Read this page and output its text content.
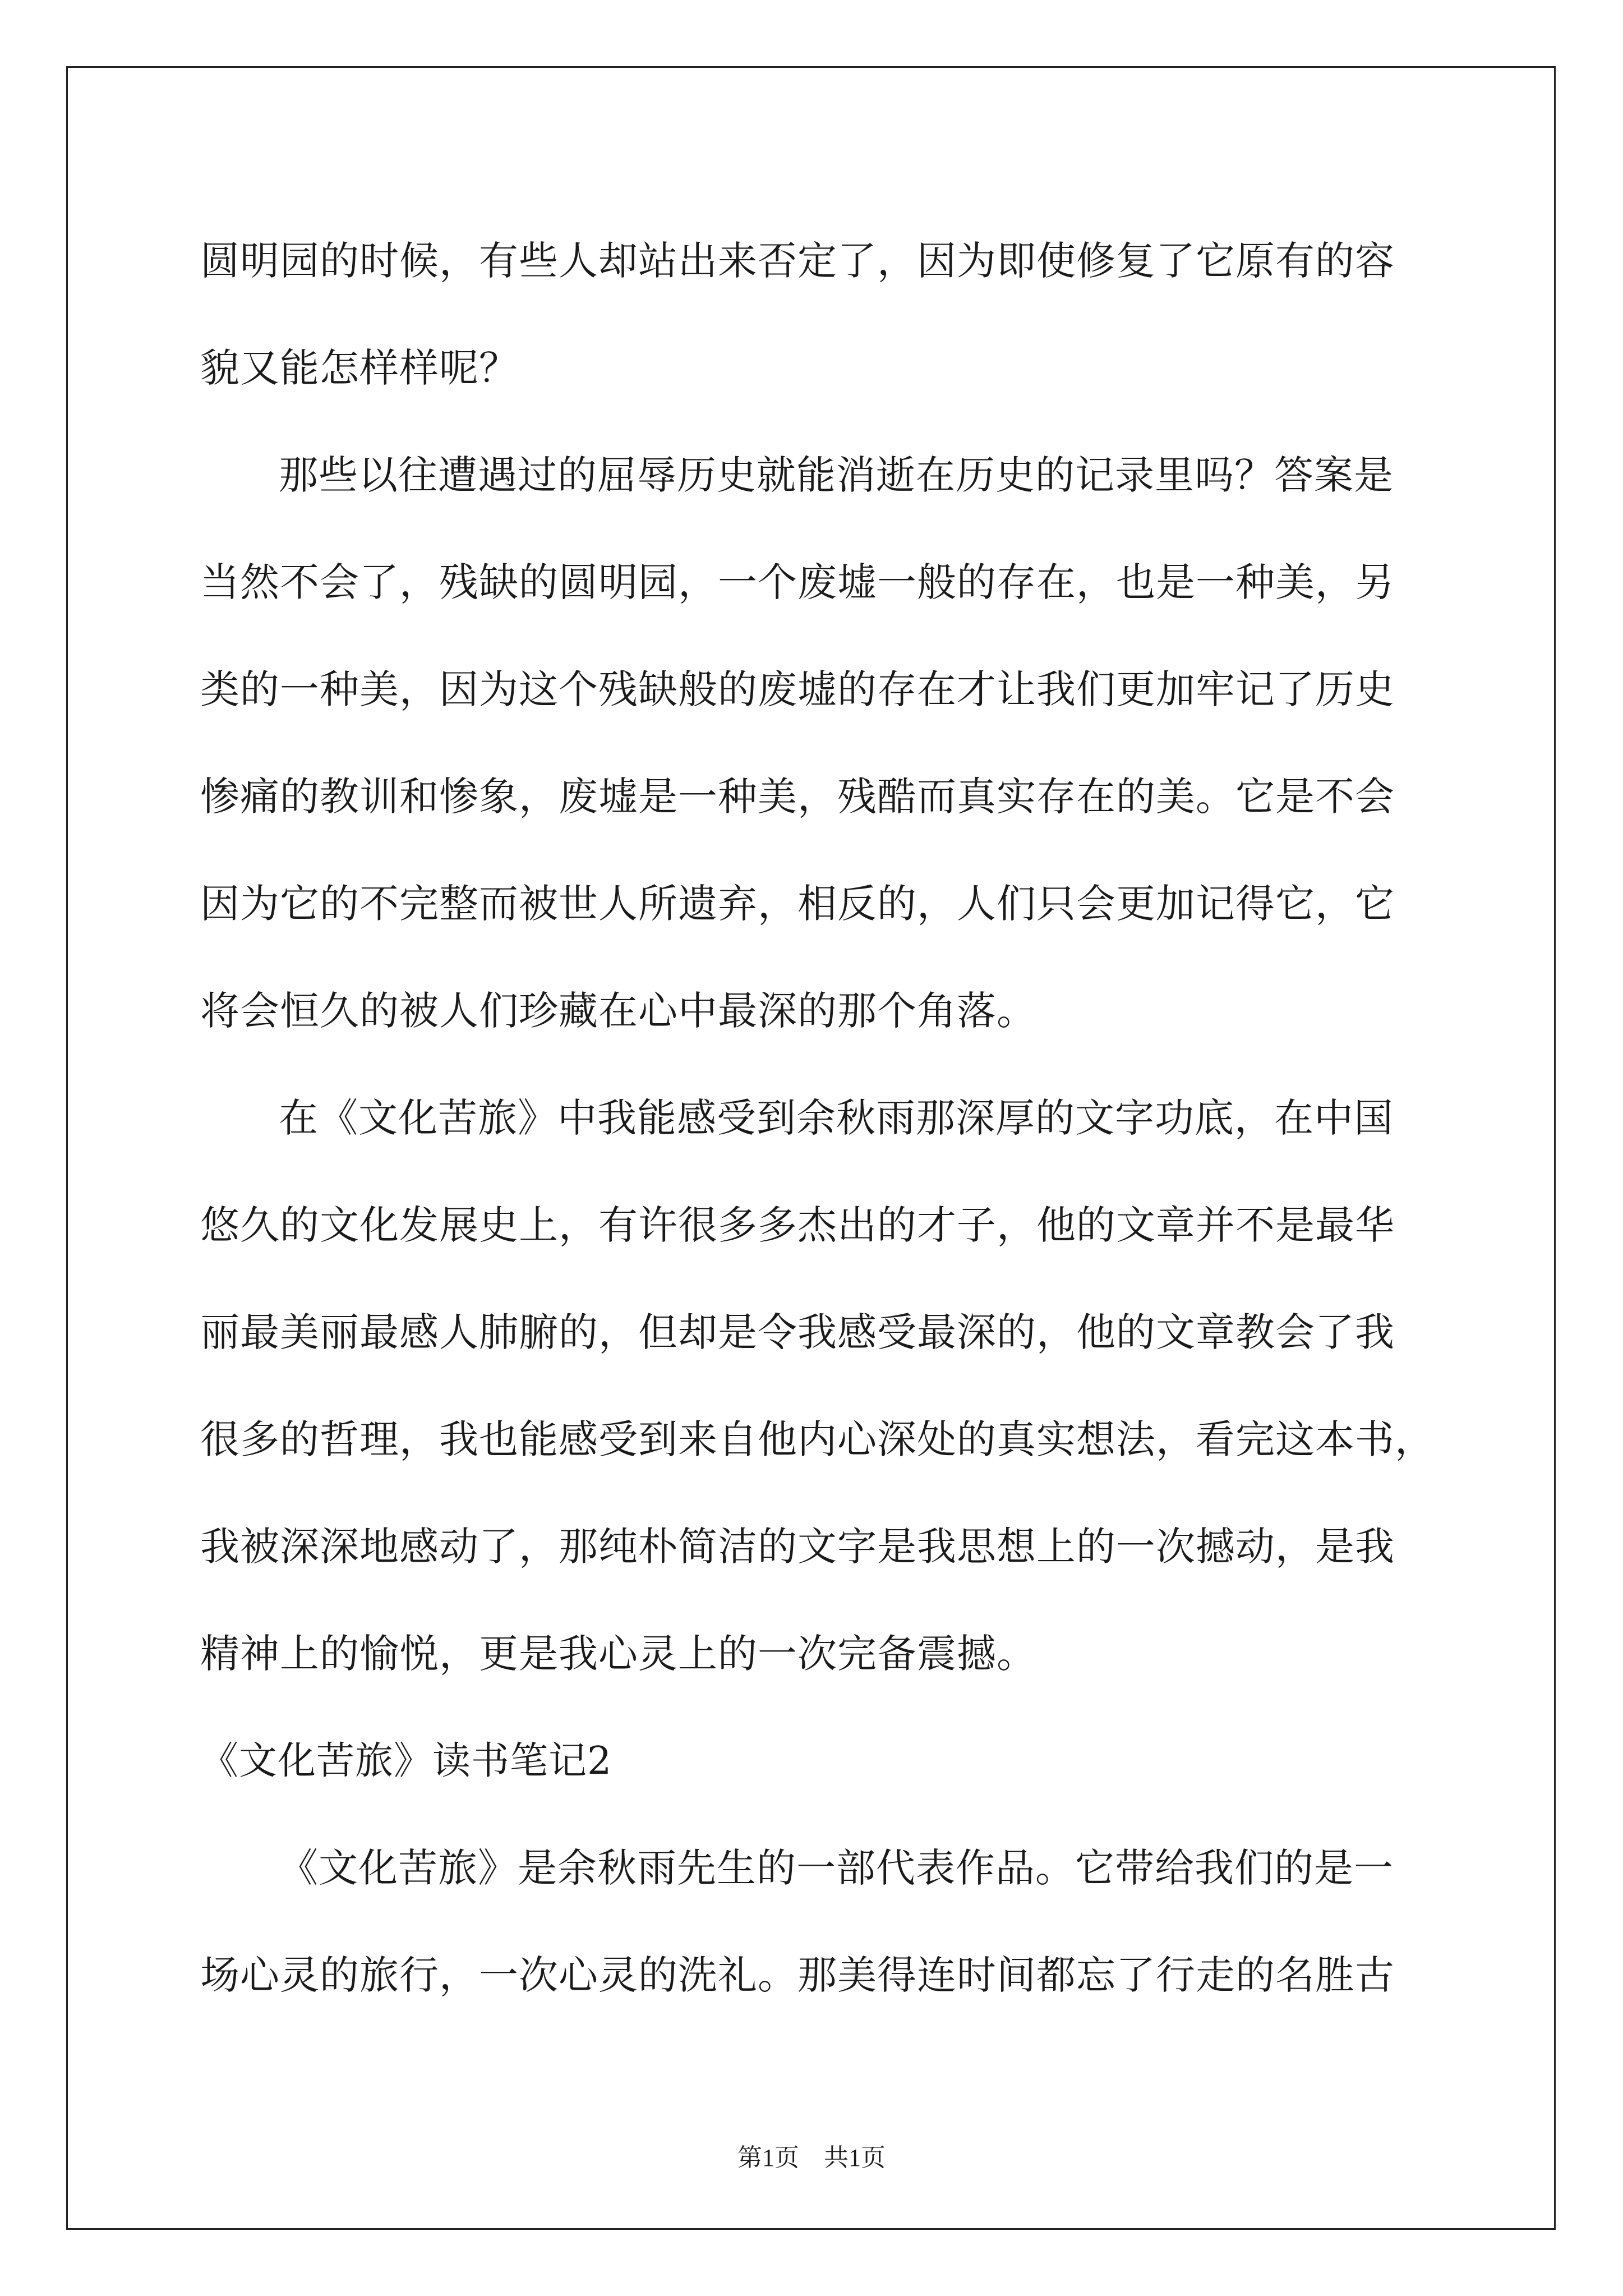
圆明园的时候，有些人却站出来否定了，因为即使修复了它原有的容
貌又能怎样样呢？
那些以往遭遇过的屈辱历史就能消逝在历史的记录里吗？答案是
当然不会了，残缺的圆明园，一个废墟一般的存在，也是一种美，另
类的一种美，因为这个残缺般的废墟的存在才让我们更加牢记了历史
惨痛的教训和惨象，废墟是一种美，残酷而真实存在的美。它是不会
因为它的不完整而被世人所遗弃，相反的，人们只会更加记得它，它
将会恒久的被人们珍藏在心中最深的那个角落。
在《文化苦旅》中我能感受到余秋雨那深厚的文字功底，在中国
悠久的文化发展史上，有许很多多杰出的才子，他的文章并不是最华
丽最美丽最感人肺腑的，但却是令我感受最深的，他的文章教会了我
很多的哲理，我也能感受到来自他内心深处的真实想法，看完这本书，
我被深深地感动了，那纯朴简洁的文字是我思想上的一次撼动，是我
精神上的愉悦，更是我心灵上的一次完备震撼。
《文化苦旅》读书笔记2
《文化苦旅》是余秋雨先生的一部代表作品。它带给我们的是一
场心灵的旅行，一次心灵的洗礼。那美得连时间都忘了行走的名胜古
第1页　共1页
